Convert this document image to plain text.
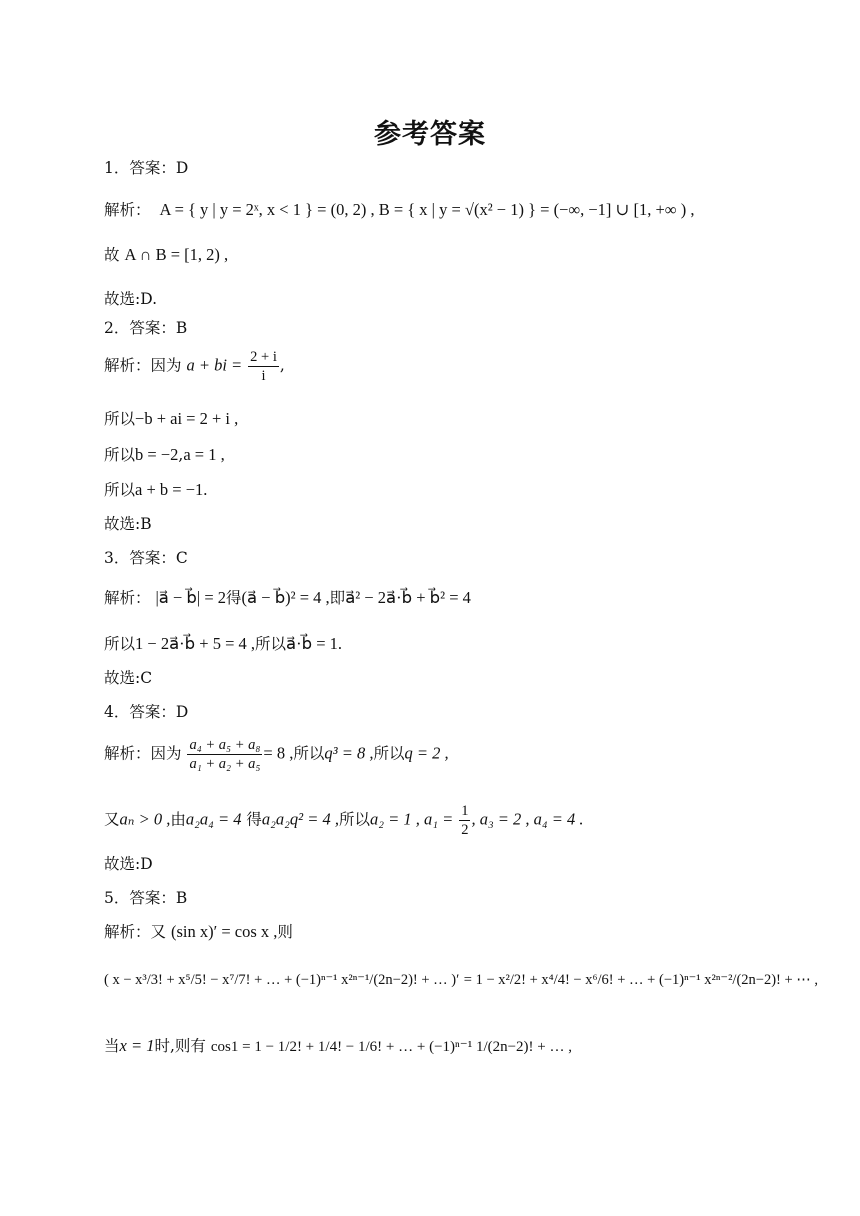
参考答案
1．答案：D
解析： A = { y | y = 2ˣ, x < 1 } = (0, 2) , B = { x | y = √(x² − 1) } = (−∞, −1] ∪ [1, +∞ ) ,
故 A ∩ B = [1, 2) ,
故选:D.
2．答案：B
解析：因为 a + bi = $\frac{2 + i}{i}$ ,
所以−b + ai = 2 + i ,
所以b = −2,a = 1 ,
所以a + b = −1.
故选:B
3．答案：C
解析： |a⃗ − b⃗| = 2得(a⃗ − b⃗)² = 4 ,即a⃗² − 2a⃗·b⃗ + b⃗² = 4
所以1 − 2a⃗·b⃗ + 5 = 4 ,所以a⃗·b⃗ = 1.
故选:C
4．答案：D
解析：因为 $\frac{\text{a₄ + a₅ + a₈}}{\text{a₁ + a₂ + a₅}} = 8$ ,所以q³ = 8 ,所以q = 2 ,
又aₙ > 0 ,由a₂a₄ = 4 得a₂a₂q² = 4 ,所以a₂ = 1 , $a_1 = \frac{1}{2}$ , a₃ = 2 , a₄ = 4 .
故选:D
5．答案：B
解析：又 (sin x)′ = cos x ,则
( x − x³/3! + x⁵/5! − x⁷/7! + … + (−1)ⁿ⁻¹ x²ⁿ⁻¹/(2n−2)! + … )′ = 1 − x²/2! + x⁴/4! − x⁶/6! + … + (−1)ⁿ⁻¹ x²ⁿ⁻²/(2n−2)! + ⋯ ,
当x = 1时,则有 cos1 = 1 − 1/2! + 1/4! − 1/6! + … + (−1)ⁿ⁻¹ 1/(2n−2)! + … ,
